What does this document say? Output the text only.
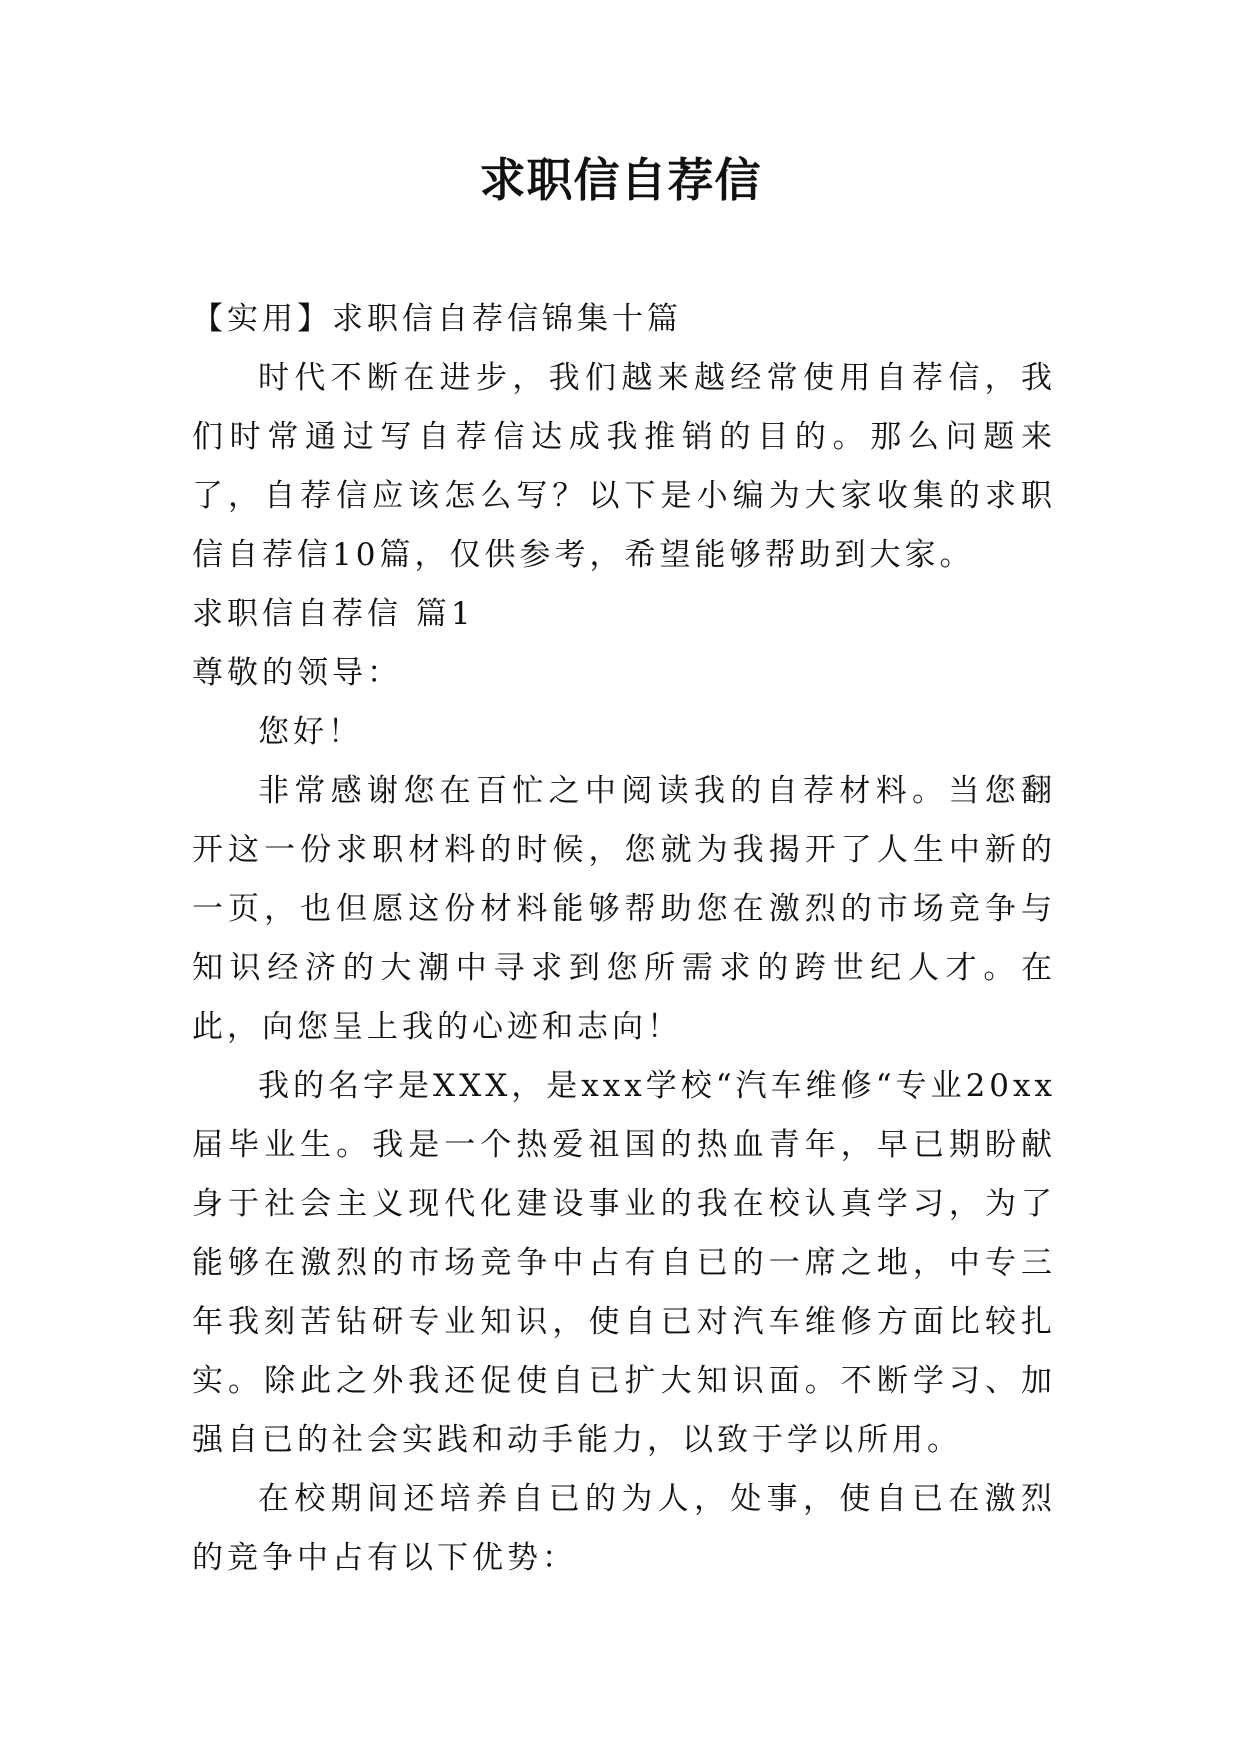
求职信自荐信

【实用】求职信自荐信锦集十篇

时代不断在进步，我们越来越经常使用自荐信，我们时常通过写自荐信达成我推销的目的。那么问题来了，自荐信应该怎么写？以下是小编为大家收集的求职信自荐信10篇，仅供参考，希望能够帮助到大家。

求职信自荐信 篇1

尊敬的领导：

您好！

非常感谢您在百忙之中阅读我的自荐材料。当您翻开这一份求职材料的时候，您就为我揭开了人生中新的一页，也但愿这份材料能够帮助您在激烈的市场竞争与知识经济的大潮中寻求到您所需求的跨世纪人才。在此，向您呈上我的心迹和志向！

我的名字是XXX，是xxx学校“汽车维修“专业20xx届毕业生。我是一个热爱祖国的热血青年，早已期盼献身于社会主义现代化建设事业的我在校认真学习，为了能够在激烈的市场竞争中占有自已的一席之地，中专三年我刻苦钻研专业知识，使自已对汽车维修方面比较扎实。除此之外我还促使自已扩大知识面。不断学习、加强自已的社会实践和动手能力，以致于学以所用。

在校期间还培养自已的为人，处事，使自已在激烈的竞争中占有以下优势：
